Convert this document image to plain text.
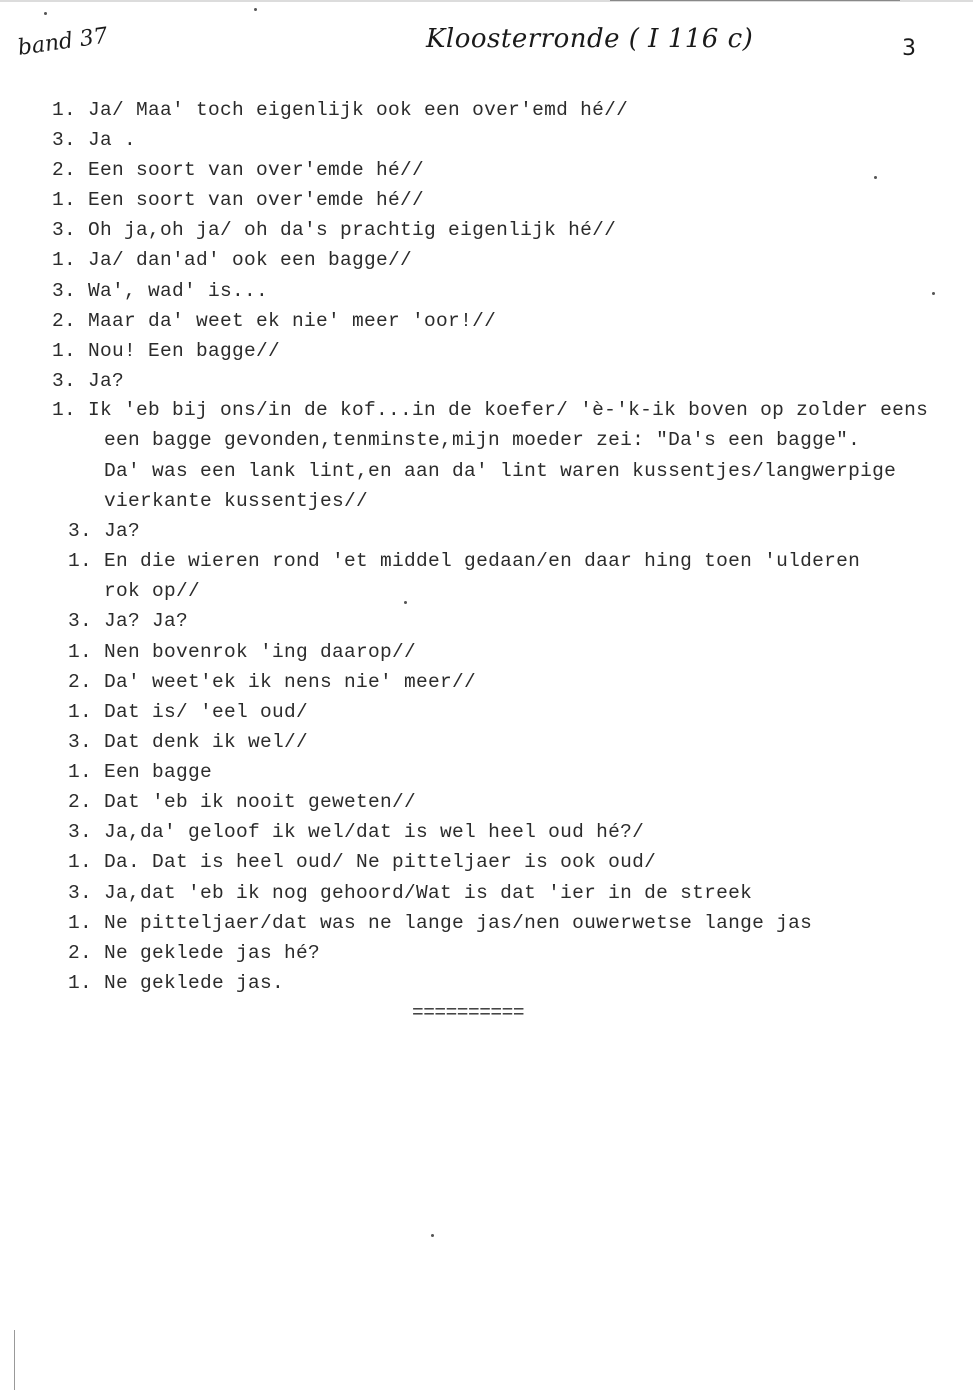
band 37	Kloosterronde ( I 116 c)	3
1. Ja/ Maa' toch eigenlijk ook een over'emd hé//
3. Ja .
2. Een soort van over'emde hé//
1. Een soort van over'emde hé//
3. Oh ja,oh ja/ oh da's prachtig eigenlijk hé//
1. Ja/ dan'ad' ook een bagge//
3. Wa', wad' is...
2. Maar da' weet ek nie' meer 'oor!//
1. Nou! Een bagge//
3. Ja?
1. Ik 'eb bij ons/in de kof...in de koefer/ 'è-'k-ik boven op zolder eens
een bagge gevonden,tenminste,mijn moeder zei: "Da's een bagge".
Da' was een lank lint,en aan da' lint waren kussentjes/langwerpige
vierkante kussentjes//
3. Ja?
1. En die wieren rond 'et middel gedaan/en daar hing toen 'ulderen
rok op//
3. Ja? Ja?
1. Nen bovenrok 'ing daarop//
2. Da' weet'ek ik nens nie' meer//
1. Dat is/ 'eel oud/
3. Dat denk ik wel//
1. Een bagge
2. Dat 'eb ik nooit geweten//
3. Ja,da' geloof ik wel/dat is wel heel oud hé?/
1. Da. Dat is heel oud/ Ne pitteljaer is ook oud/
3. Ja,dat 'eb ik nog gehoord/Wat is dat 'ier in de streek
1. Ne pitteljaer/dat was ne lange jas/nen ouwerwetse lange jas
2. Ne geklede jas hé?
1. Ne geklede jas.
==========
